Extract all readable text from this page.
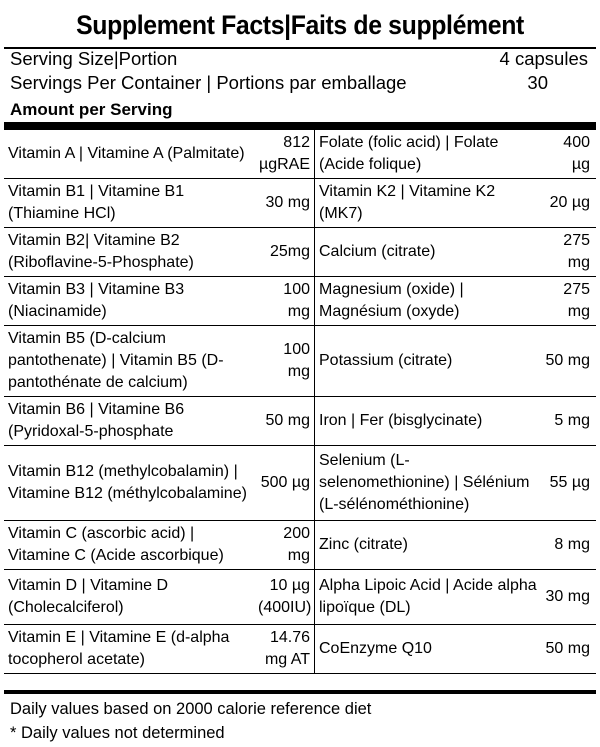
Supplement Facts|Faits de supplément
Serving Size|Portion	4 capsules
Servings Per Container | Portions par emballage	30
Amount per Serving
Vitamin A | Vitamine A (Palmitate)	812 µgRAE	Folate (folic acid) | Folate (Acide folique)	400 µg
Vitamin B1 | Vitamine B1 (Thiamine HCl)	30 mg	Vitamin K2 | Vitamine K2 (MK7)	20 µg
Vitamin B2| Vitamine B2 (Riboflavine-5-Phosphate)	25mg	Calcium (citrate)	275 mg
Vitamin B3 | Vitamine B3 (Niacinamide)	100 mg	Magnesium (oxide) | Magnésium (oxyde)	275 mg
Vitamin B5 (D-calcium pantothenate) | Vitamin B5 (D-pantothénate de calcium)	100 mg	Potassium (citrate)	50 mg
Vitamin B6 | Vitamine B6 (Pyridoxal-5-phosphate	50 mg	Iron | Fer (bisglycinate)	5 mg
Vitamin B12 (methylcobalamin) | Vitamine B12 (méthylcobalamine)	500 µg	Selenium (L-selenomethionine) | Sélénium (L-sélénométhionine)	55 µg
Vitamin C (ascorbic acid) | Vitamine C (Acide ascorbique)	200 mg	Zinc (citrate)	8 mg
Vitamin D | Vitamine D (Cholecalciferol)	10 µg (400IU)	Alpha Lipoic Acid | Acide alpha lipoïque (DL)	30 mg
Vitamin E | Vitamine E (d-alpha tocopherol acetate)	14.76 mg AT	CoEnzyme Q10	50 mg
Daily values based on 2000 calorie reference diet
* Daily values not determined
